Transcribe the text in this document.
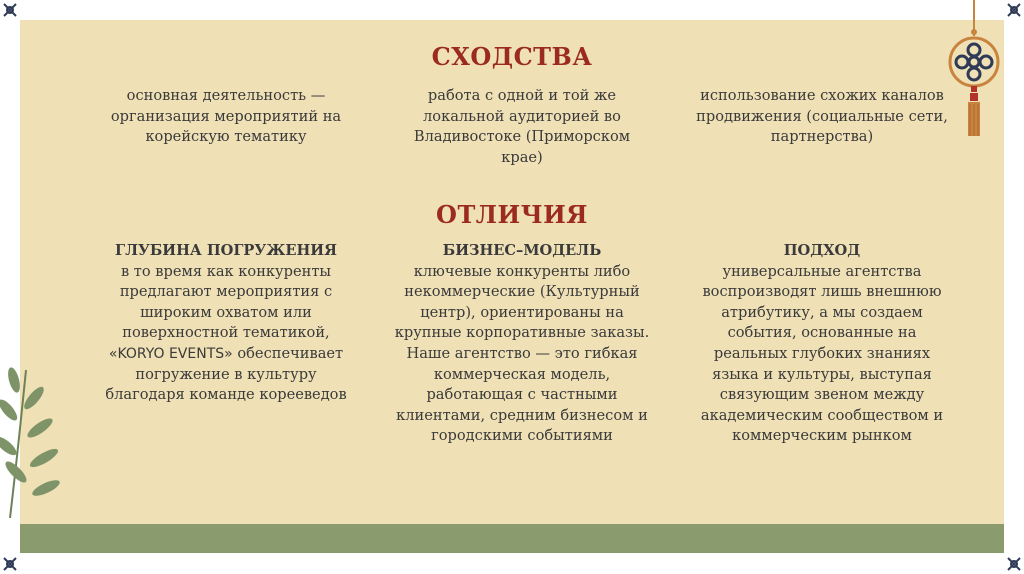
СХОДСТВА
основная деятельность — организация мероприятий на корейскую тематику
работа с одной и той же локальной аудиторией во Владивостоке (Приморском крае)
использование схожих каналов продвижения (социальные сети, партнерства)
ОТЛИЧИЯ
ГЛУБИНА ПОГРУЖЕНИЯ
в то время как конкуренты предлагают мероприятия с широким охватом или поверхностной тематикой, «KORYO EVENTS» обеспечивает погружение в культуру благодаря команде корееведов
БИЗНЕС–МОДЕЛЬ
ключевые конкуренты либо некоммерческие (Культурный центр), ориентированы на крупные корпоративные заказы. Наше агентство — это гибкая коммерческая модель, работающая с частными клиентами, средним бизнесом и городскими событиями
ПОДХОД
универсальные агентства воспроизводят лишь внешнюю атрибутику, а мы создаем события, основанные на реальных глубоких знаниях языка и культуры, выступая связующим звеном между академическим сообществом и коммерческим рынком
